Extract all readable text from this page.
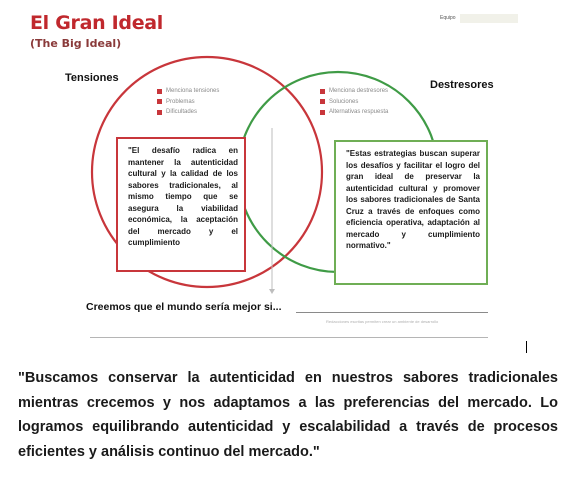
El Gran Ideal
(The Big Ideal)
Equipo
Tensiones
Destresores
Menciona tensiones
Problemas
Dificultades
Menciona destresores
Soluciones
Alternativas respuesta
"El desafío radica en mantener la autenticidad cultural y la calidad de los sabores tradicionales, al mismo tiempo que se asegura la viabilidad económica, la aceptación del mercado y el cumplimiento
"Estas estrategias buscan superar los desafíos y facilitar el logro del gran ideal de preservar la autenticidad cultural y promover los sabores tradicionales de Santa Cruz a través de enfoques como eficiencia operativa, adaptación al mercado y cumplimiento normativo."
Creemos que el mundo sería mejor si...
Redacciones escritas permiten crear un ambiente de desarrollo
"Buscamos conservar la autenticidad en nuestros sabores tradicionales mientras crecemos y nos adaptamos a las preferencias del mercado. Lo logramos equilibrando autenticidad y escalabilidad a través de procesos eficientes y análisis continuo del mercado."
